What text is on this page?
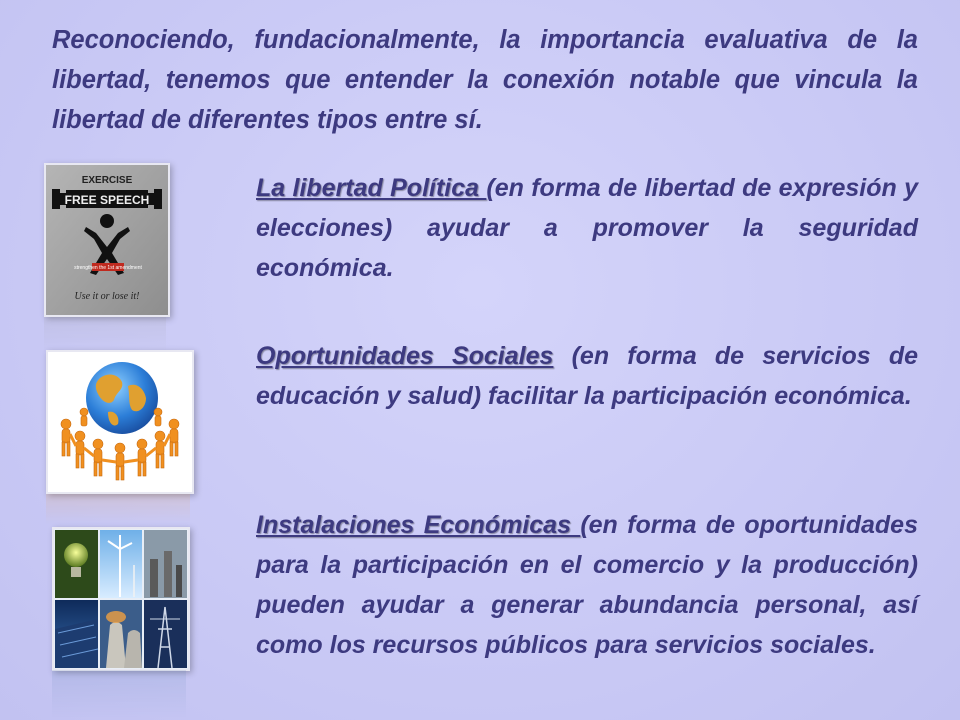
Reconociendo, fundacionalmente, la importancia evaluativa de la libertad, tenemos que entender la conexión notable que vincula la libertad de diferentes tipos entre sí.

EXERCISE
FREE SPEECH
strengthen the 1st amendment
Use it or lose it!

La libertad Política (en forma de libertad de expresión y elecciones) ayudar a promover la seguridad económica.

Oportunidades Sociales (en forma de servicios de educación y salud) facilitar la participación económica.

Instalaciones Económicas (en forma de oportunidades para la participación en el comercio y la producción) pueden ayudar a generar abundancia personal, así como los recursos públicos para servicios sociales.
